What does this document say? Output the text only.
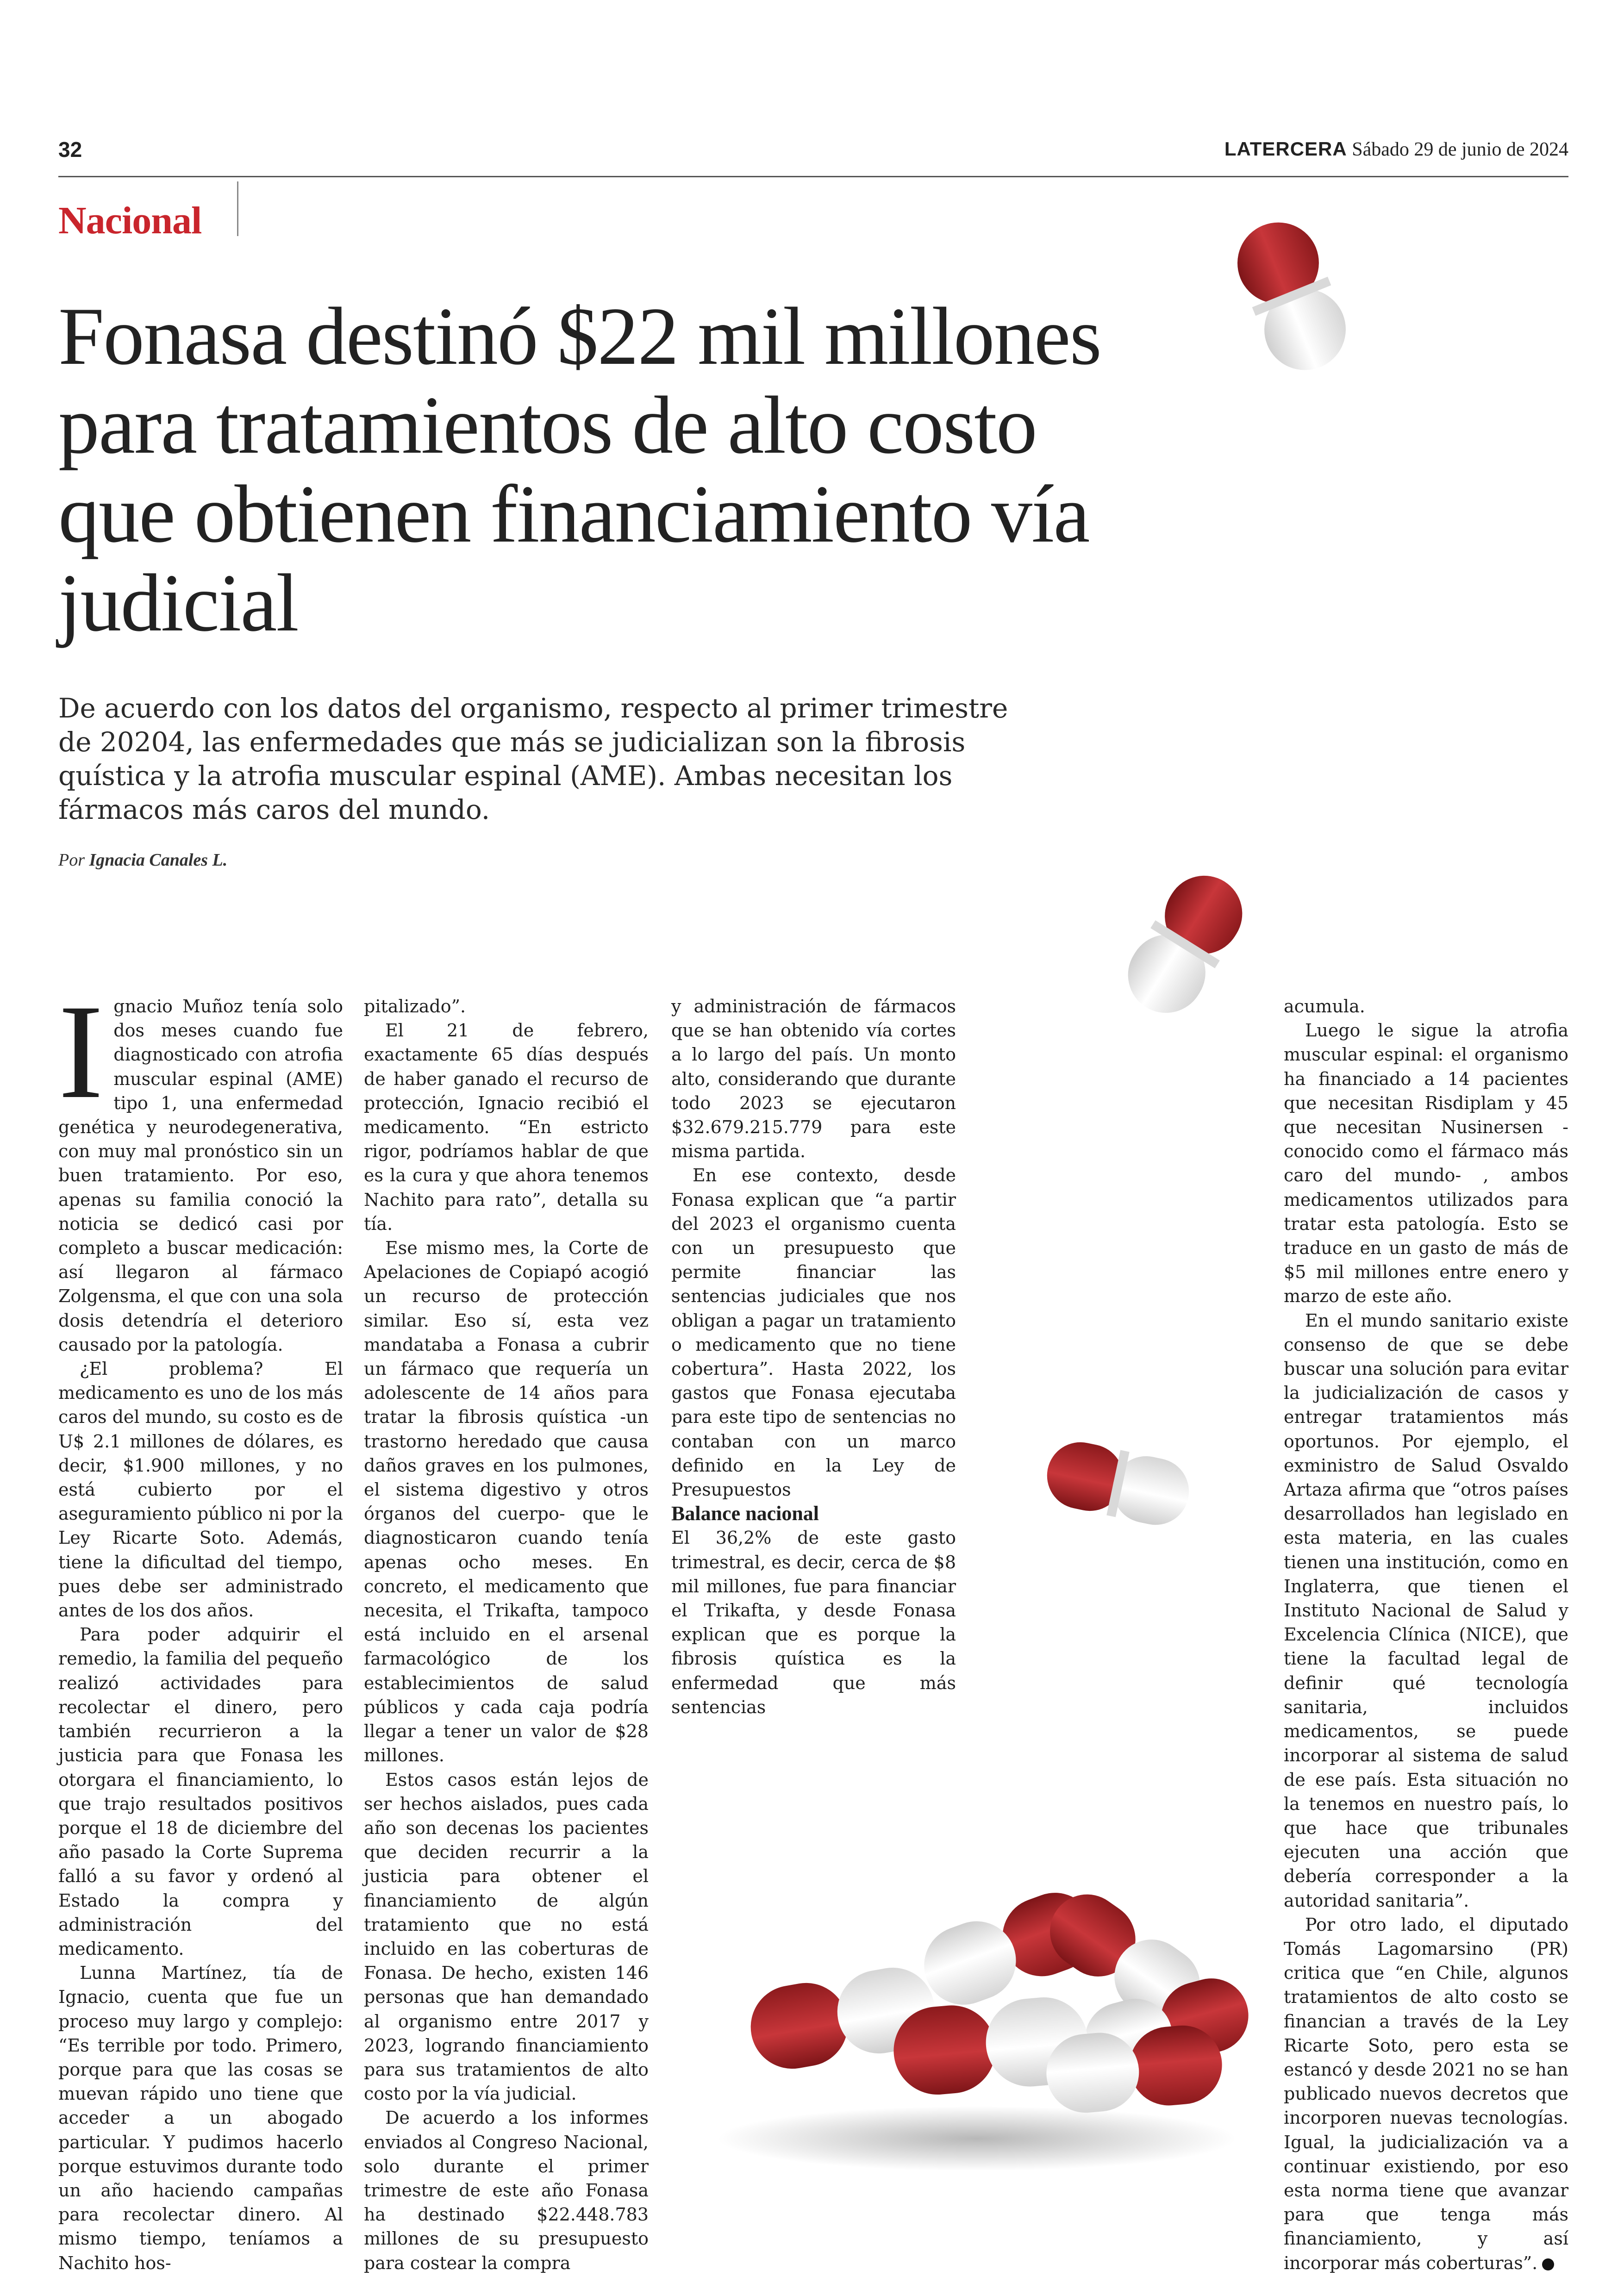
32	LATERCERA Sábado 29 de junio de 2024
Nacional
Fonasa destinó $22 mil millones para tratamientos de alto costo que obtienen financiamiento vía judicial

De acuerdo con los datos del organismo, respecto al primer trimestre de 20204, las enfermedades que más se judicializan son la fibrosis quística y la atrofia muscular espinal (AME). Ambas necesitan los fármacos más caros del mundo.

Por Ignacia Canales L.

Ignacio Muñoz tenía solo dos meses cuando fue diagnosticado con atrofia muscular espinal (AME) tipo 1, una enfermedad genética y neurodegenerativa, con muy mal pronóstico sin un buen tratamiento. Por eso, apenas su familia conoció la noticia se dedicó casi por completo a buscar medicación: así llegaron al fármaco Zolgensma, el que con una sola dosis detendría el deterioro causado por la patología.

¿El problema? El medicamento es uno de los más caros del mundo, su costo es de U$ 2.1 millones de dólares, es decir, $1.900 millones, y no está cubierto por el aseguramiento público ni por la Ley Ricarte Soto. Además, tiene la dificultad del tiempo, pues debe ser administrado antes de los dos años.

Para poder adquirir el remedio, la familia del pequeño realizó actividades para recolectar el dinero, pero también recurrieron a la justicia para que Fonasa les otorgara el financiamiento, lo que trajo resultados positivos porque el 18 de diciembre del año pasado la Corte Suprema falló a su favor y ordenó al Estado la compra y administración del medicamento.

Lunna Martínez, tía de Ignacio, cuenta que fue un proceso muy largo y complejo: “Es terrible por todo. Primero, porque para que las cosas se muevan rápido uno tiene que acceder a un abogado particular. Y pudimos hacerlo porque estuvimos durante todo un año haciendo campañas para recolectar dinero. Al mismo tiempo, teníamos a Nachito hos-

pitalizado”.

El 21 de febrero, exactamente 65 días después de haber ganado el recurso de protección, Ignacio recibió el medicamento. “En estricto rigor, podríamos hablar de que es la cura y que ahora tenemos Nachito para rato”, detalla su tía.

Ese mismo mes, la Corte de Apelaciones de Copiapó acogió un recurso de protección similar. Eso sí, esta vez mandataba a Fonasa a cubrir un fármaco que requería un adolescente de 14 años para tratar la fibrosis quística -un trastorno heredado que causa daños graves en los pulmones, el sistema digestivo y otros órganos del cuerpo- que le diagnosticaron cuando tenía apenas ocho meses. En concreto, el medicamento que necesita, el Trikafta, tampoco está incluido en el arsenal farmacológico de los establecimientos de salud públicos y cada caja podría llegar a tener un valor de $28 millones.

Estos casos están lejos de ser hechos aislados, pues cada año son decenas los pacientes que deciden recurrir a la justicia para obtener el financiamiento de algún tratamiento que no está incluido en las coberturas de Fonasa. De hecho, existen 146 personas que han demandado al organismo entre 2017 y 2023, logrando financiamiento para sus tratamientos de alto costo por la vía judicial.

De acuerdo a los informes enviados al Congreso Nacional, solo durante el primer trimestre de este año Fonasa ha destinado $22.448.783 millones de su presupuesto para costear la compra

y administración de fármacos que se han obtenido vía cortes a lo largo del país. Un monto alto, considerando que durante todo 2023 se ejecutaron $32.679.215.779 para este misma partida.

En ese contexto, desde Fonasa explican que “a partir del 2023 el organismo cuenta con un presupuesto que permite financiar las sentencias judiciales que nos obligan a pagar un tratamiento o medicamento que no tiene cobertura”. Hasta 2022, los gastos que Fonasa ejecutaba para este tipo de sentencias no contaban con un marco definido en la Ley de Presupuestos

Balance nacional

El 36,2% de este gasto trimestral, es decir, cerca de $8 mil millones, fue para financiar el Trikafta, y desde Fonasa explican que es porque la fibrosis quística es la enfermedad que más sentencias

acumula.

Luego le sigue la atrofia muscular espinal: el organismo ha financiado a 14 pacientes que necesitan Risdiplam y 45 que necesitan Nusinersen -conocido como el fármaco más caro del mundo- , ambos medicamentos utilizados para tratar esta patología. Esto se traduce en un gasto de más de $5 mil millones entre enero y marzo de este año.

En el mundo sanitario existe consenso de que se debe buscar una solución para evitar la judicialización de casos y entregar tratamientos más oportunos. Por ejemplo, el exministro de Salud Osvaldo Artaza afirma que “otros países desarrollados han legislado en esta materia, en las cuales tienen una institución, como en Inglaterra, que tienen el Instituto Nacional de Salud y Excelencia Clínica (NICE), que tiene la facultad legal de definir qué tecnología sanitaria, incluidos medicamentos, se puede incorporar al sistema de salud de ese país. Esta situación no la tenemos en nuestro país, lo que hace que tribunales ejecuten una acción que debería corresponder a la autoridad sanitaria”.

Por otro lado, el diputado Tomás Lagomarsino (PR) critica que “en Chile, algunos tratamientos de alto costo se financian a través de la Ley Ricarte Soto, pero esta se estancó y desde 2021 no se han publicado nuevos decretos que incorporen nuevas tecnologías. Igual, la judicialización va a continuar existiendo, por eso esta norma tiene que avanzar para que tenga más financiamiento, y así incorporar más coberturas”.
